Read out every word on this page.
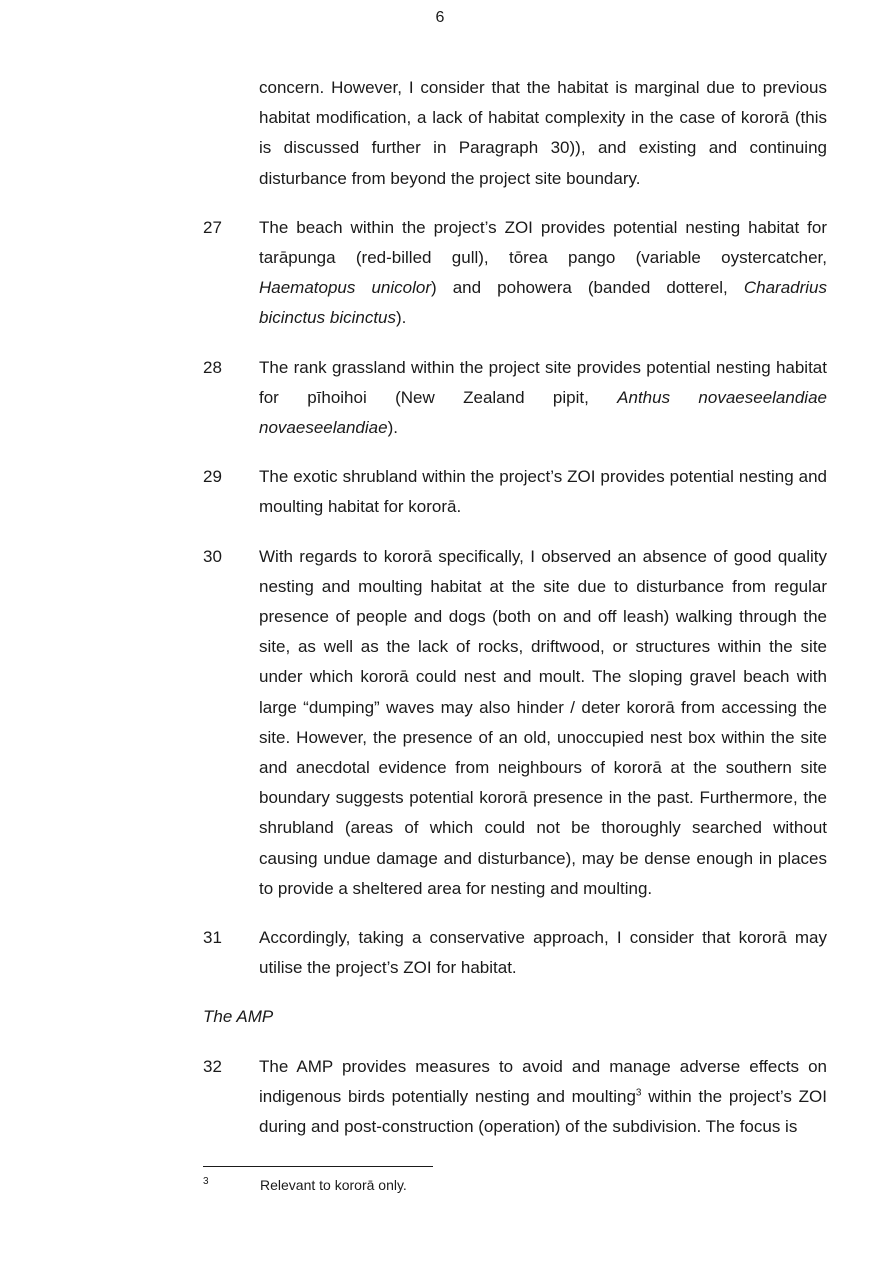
6

concern. However, I consider that the habitat is marginal due to previous habitat modification, a lack of habitat complexity in the case of kororā (this is discussed further in Paragraph 30)), and existing and continuing disturbance from beyond the project site boundary.

27 The beach within the project’s ZOI provides potential nesting habitat for tarāpunga (red-billed gull), tōrea pango (variable oystercatcher, Haematopus unicolor) and pohowera (banded dotterel, Charadrius bicinctus bicinctus).

28 The rank grassland within the project site provides potential nesting habitat for pīhoihoi (New Zealand pipit, Anthus novaeseelandiae novaeseelandiae).

29 The exotic shrubland within the project’s ZOI provides potential nesting and moulting habitat for kororā.

30 With regards to kororā specifically, I observed an absence of good quality nesting and moulting habitat at the site due to disturbance from regular presence of people and dogs (both on and off leash) walking through the site, as well as the lack of rocks, driftwood, or structures within the site under which kororā could nest and moult. The sloping gravel beach with large “dumping” waves may also hinder / deter kororā from accessing the site. However, the presence of an old, unoccupied nest box within the site and anecdotal evidence from neighbours of kororā at the southern site boundary suggests potential kororā presence in the past. Furthermore, the shrubland (areas of which could not be thoroughly searched without causing undue damage and disturbance), may be dense enough in places to provide a sheltered area for nesting and moulting.

31 Accordingly, taking a conservative approach, I consider that kororā may utilise the project’s ZOI for habitat.

The AMP

32 The AMP provides measures to avoid and manage adverse effects on indigenous birds potentially nesting and moulting$^3$ within the project’s ZOI during and post-construction (operation) of the subdivision. The focus is

3	Relevant to kororā only.
